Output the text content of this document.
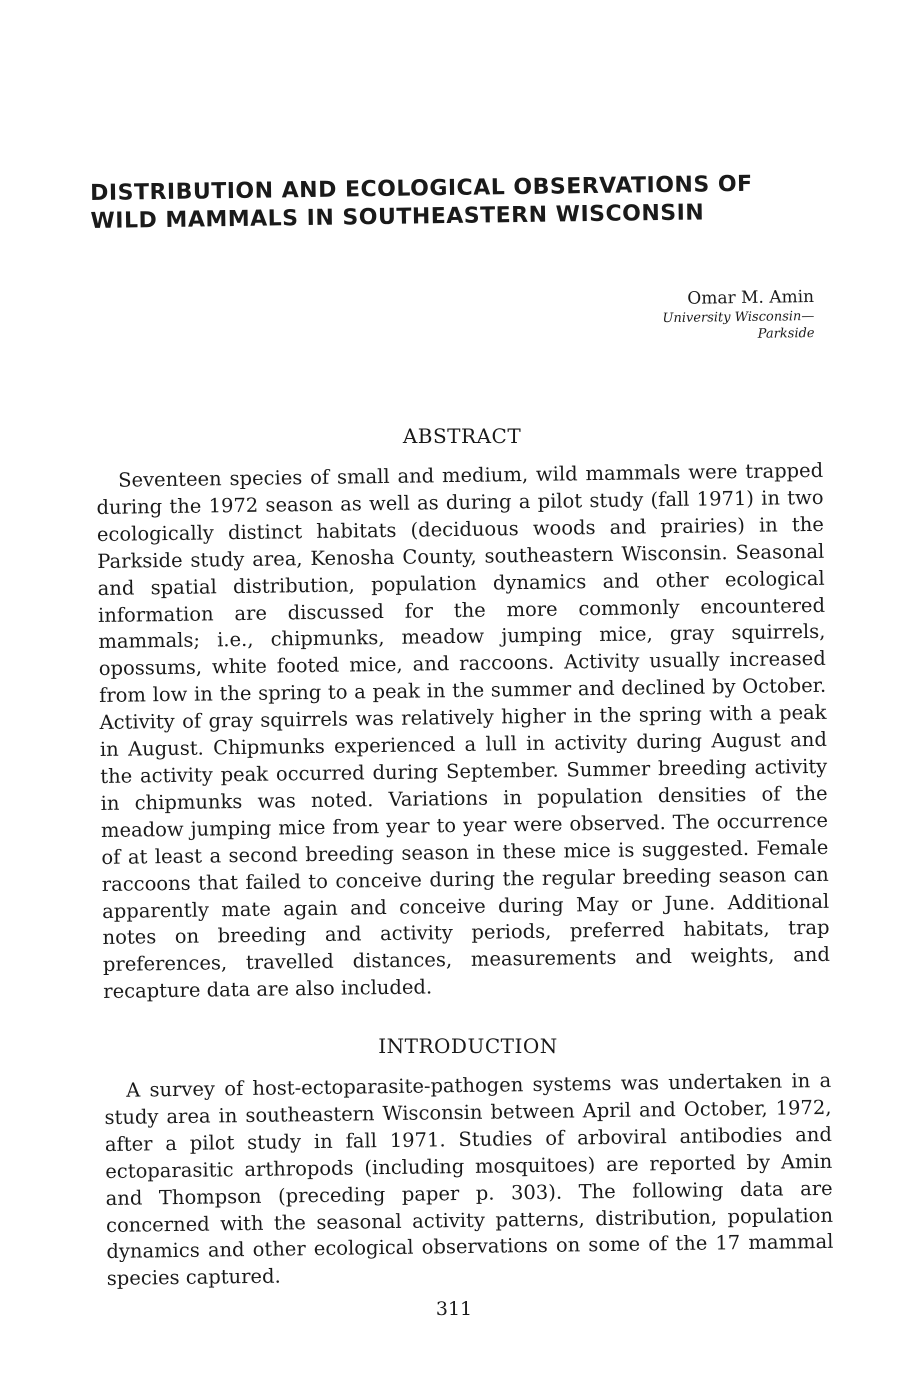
DISTRIBUTION AND ECOLOGICAL OBSERVATIONS OF WILD MAMMALS IN SOUTHEASTERN WISCONSIN
Omar M. Amin
University Wisconsin—
Parkside
ABSTRACT

Seventeen species of small and medium, wild mammals were trapped during the 1972 season as well as during a pilot study (fall 1971) in two ecologically distinct habitats (deciduous woods and prairies) in the Parkside study area, Kenosha County, southeastern Wisconsin. Seasonal and spatial distribution, population dynamics and other ecological information are discussed for the more commonly encountered mammals; i.e., chipmunks, meadow jumping mice, gray squirrels, opossums, white footed mice, and raccoons. Activity usually increased from low in the spring to a peak in the summer and declined by October. Activity of gray squirrels was relatively higher in the spring with a peak in August. Chipmunks experienced a lull in activity during August and the activity peak occurred during September. Summer breeding activity in chipmunks was noted. Variations in population densities of the meadow jumping mice from year to year were observed. The occurrence of at least a second breeding season in these mice is suggested. Female raccoons that failed to conceive during the regular breeding season can apparently mate again and conceive during May or June. Additional notes on breeding and activity periods, preferred habitats, trap preferences, travelled distances, measurements and weights, and recapture data are also included.

INTRODUCTION

A survey of host-ectoparasite-pathogen systems was undertaken in a study area in southeastern Wisconsin between April and October, 1972, after a pilot study in fall 1971. Studies of arboviral antibodies and ectoparasitic arthropods (including mosquitoes) are reported by Amin and Thompson (preceding paper p. 303). The following data are concerned with the seasonal activity patterns, distribution, population dynamics and other ecological observations on some of the 17 mammal species captured.

311
